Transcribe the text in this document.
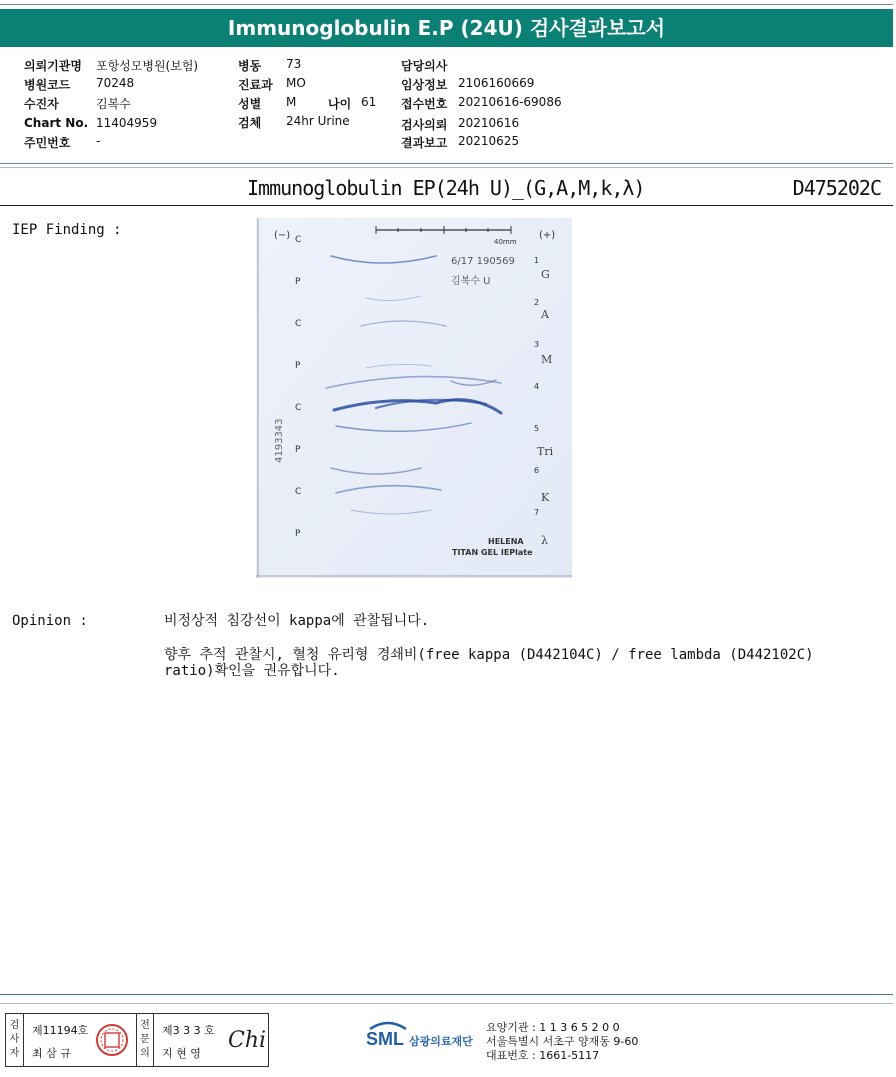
Immunoglobulin E.P (24U) 검사결과보고서
의뢰기관명 포항성모병원(보험)
병원코드 70248
수진자	김복수
Chart No. 11404959
주민번호 -
병동 73
진료과 MO
성별 M	나이 61
검체 24hr Urine
담당의사
임상정보 2106160669
접수번호 20210616-69086
검사의뢰 20210616
결과보고 20210625
Immunoglobulin EP(24h U)_(G,A,M,k,λ)	D475202C
IEP Finding :	(−)	(+)
40mm
C
P
C
P
C
P
C
P
1
2
3
4
5
6
7
G
A
M
Tri
K
λ
6/17 190569
김복수 U
4193343
HELENA
TITAN GEL IEPlate
Opinion :	비정상적 침강선이 kappa에 관찰됩니다.
향후 추적 관찰시, 혈청 유리형 경쇄비(free kappa (D442104C) / free lambda (D442102C)
ratio)확인을 권유합니다.
검
사
자
제11194호
최 삼 규
전
문
의
제3 3 3 호
지 현 영
Chi	SML 삼광의료재단
요양기관 : 1 1 3 6 5 2 0 0
서울특별시 서초구 양재동 9-60
대표번호 : 1661-5117
